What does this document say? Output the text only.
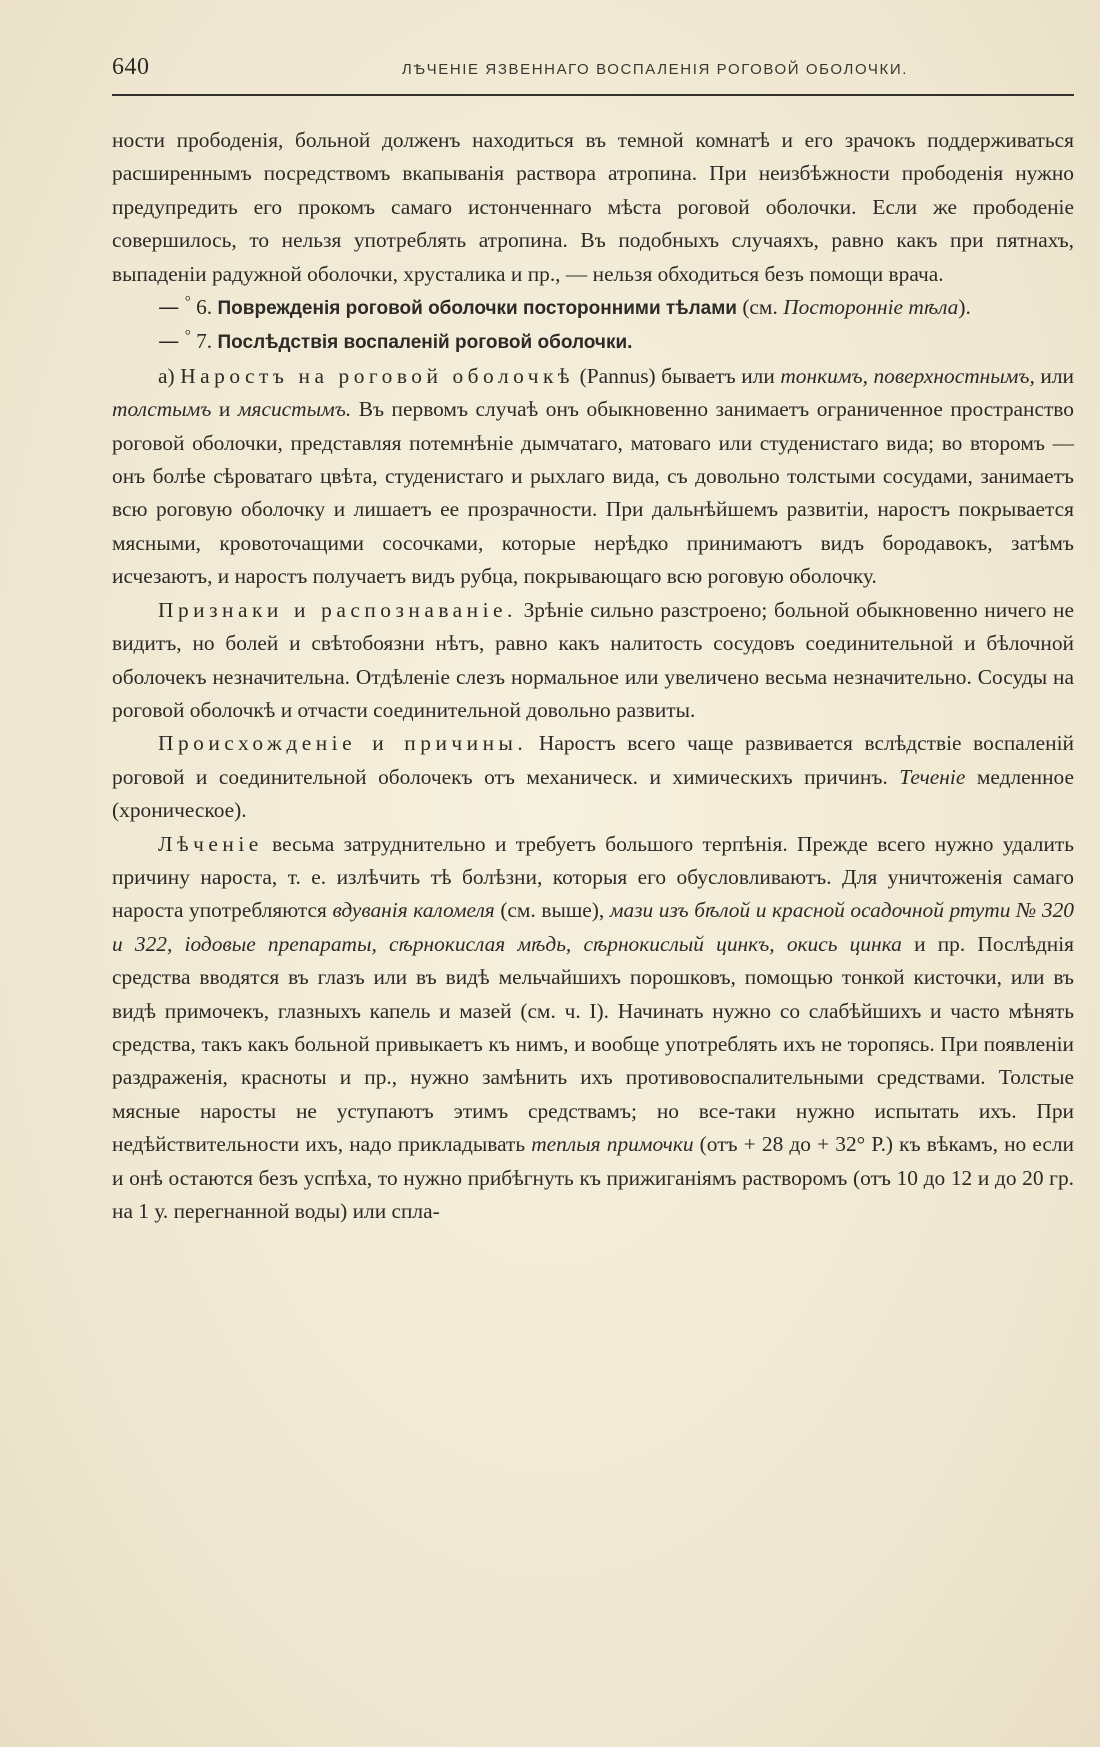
640	ЛѢЧЕНІЕ ЯЗВЕННАГО ВОСПАЛЕНІЯ РОГОВОЙ ОБОЛОЧКИ.

ности прободенія, больной долженъ находиться въ темной комнатѣ и его зрачокъ поддерживаться расширеннымъ посредствомъ вкапыванія раствора атропина. При неизбѣжности прободенія нужно предупредить его прокомъ самаго истонченнаго мѣста роговой оболочки. Если же прободеніе совершилось, то нельзя употреблять атропина. Въ подобныхъ случаяхъ, равно какъ при пятнахъ, выпаденіи радужной оболочки, хрусталика и пр., — нельзя обходиться безъ помощи врача.

— ° 6. Поврежденія роговой оболочки посторонними тѣлами (см. Посторонніе тѣла).

— ° 7. Послѣдствія воспаленій роговой оболочки.

а) Наростъ на роговой оболочкѣ (Pannus) бываетъ или тонкимъ, поверхностнымъ, или толстымъ и мясистымъ. Въ первомъ случаѣ онъ обыкновенно занимаетъ ограниченное пространство роговой оболочки, представляя потемнѣніе дымчатаго, матоваго или студенистаго вида; во второмъ — онъ болѣе сѣроватаго цвѣта, студенистаго и рыхлаго вида, съ довольно толстыми сосудами, занимаетъ всю роговую оболочку и лишаетъ ее прозрачности. При дальнѣйшемъ развитіи, наростъ покрывается мясными, кровоточащими сосочками, которые нерѣдко принимаютъ видъ бородавокъ, затѣмъ исчезаютъ, и наростъ получаетъ видъ рубца, покрывающаго всю роговую оболочку.

Признаки и распознаваніе. Зрѣніе сильно разстроено; больной обыкновенно ничего не видитъ, но болей и свѣтобоязни нѣтъ, равно какъ налитость сосудовъ соединительной и бѣлочной оболочекъ незначительна. Отдѣленіе слезъ нормальное или увеличено весьма незначительно. Сосуды на роговой оболочкѣ и отчасти соединительной довольно развиты.

Происхожденіе и причины. Наростъ всего чаще развивается вслѣдствіе воспаленій роговой и соединительной оболочекъ отъ механическ. и химическихъ причинъ. Теченіе медленное (хроническое).

Лѣченіе весьма затруднительно и требуетъ большого терпѣнія. Прежде всего нужно удалить причину нароста, т. е. излѣчить тѣ болѣзни, которыя его обусловливаютъ. Для уничтоженія самаго нароста употребляются вдуванія каломеля (см. выше), мази изъ бѣлой и красной осадочной ртути № 320 и 322, іодовые препараты, сѣрнокислая мѣдь, сѣрнокислый цинкъ, окись цинка и пр. Послѣднія средства вводятся въ глазъ или въ видѣ мельчайшихъ порошковъ, помощью тонкой кисточки, или въ видѣ примочекъ, глазныхъ капель и мазей (см. ч. I). Начинать нужно со слабѣйшихъ и часто мѣнять средства, такъ какъ больной привыкаетъ къ нимъ, и вообще употреблять ихъ не торопясь. При появленіи раздраженія, красноты и пр., нужно замѣнить ихъ противовоспалительными средствами. Толстые мясные наросты не уступаютъ этимъ средствамъ; но все-таки нужно испытать ихъ. При недѣйствительности ихъ, надо прикладывать теплыя примочки (отъ + 28 до + 32° Р.) къ вѣкамъ, но если и онѣ остаются безъ успѣха, то нужно прибѣгнуть къ прижиганіямъ растворомъ (отъ 10 до 12 и до 20 гр. на 1 у. перегнанной воды) или спла-
